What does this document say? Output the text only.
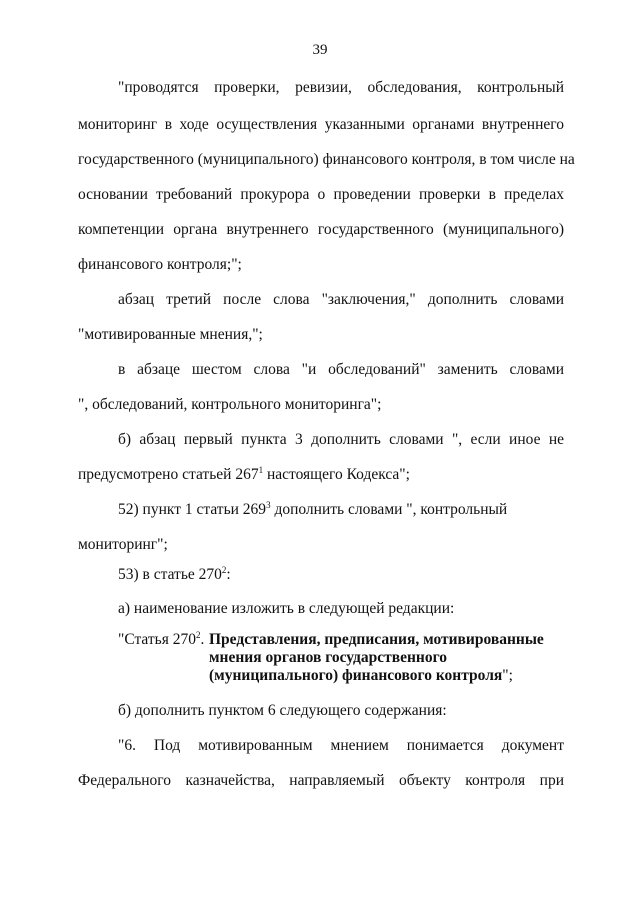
39
"проводятся проверки, ревизии, обследования, контрольный
мониторинг в ходе осуществления указанными органами внутреннего
государственного (муниципального) финансового контроля, в том числе на
основании требований прокурора о проведении проверки в пределах
компетенции органа внутреннего государственного (муниципального)
финансового контроля;";
абзац третий после слова "заключения," дополнить словами
"мотивированные мнения,";
в абзаце шестом слова "и обследований" заменить словами
", обследований, контрольного мониторинга";
б) абзац первый пункта 3 дополнить словами ", если иное не
предусмотрено статьей $267^1$ настоящего Кодекса";
52) пункт 1 статьи $269^3$ дополнить словами ", контрольный
мониторинг";
53) в статье $270^2$:
а) наименование изложить в следующей редакции:
"Статья $270^2$. Представления, предписания, мотивированные
мнения органов государственного
(муниципального) финансового контроля";
б) дополнить пунктом 6 следующего содержания:
"6. Под мотивированным мнением понимается документ
Федерального казначейства, направляемый объекту контроля при
